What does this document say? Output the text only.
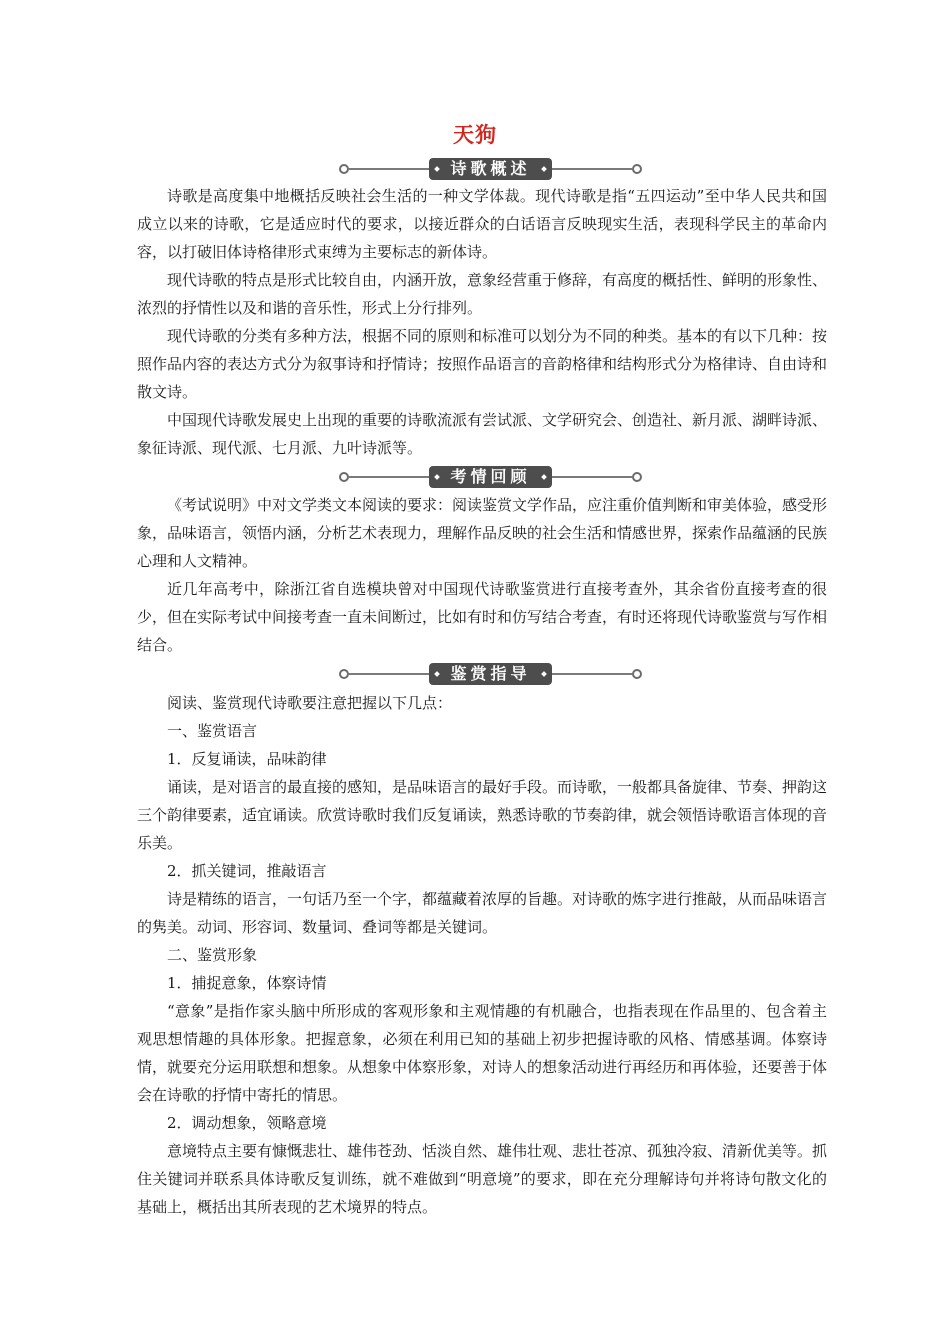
天狗
诗歌概述

诗歌是高度集中地概括反映社会生活的一种文学体裁。现代诗歌是指“五四运动”至中华人民共和国成立以来的诗歌，它是适应时代的要求，以接近群众的白话语言反映现实生活，表现科学民主的革命内容，以打破旧体诗格律形式束缚为主要标志的新体诗。

现代诗歌的特点是形式比较自由，内涵开放，意象经营重于修辞，有高度的概括性、鲜明的形象性、浓烈的抒情性以及和谐的音乐性，形式上分行排列。

现代诗歌的分类有多种方法，根据不同的原则和标准可以划分为不同的种类。基本的有以下几种：按照作品内容的表达方式分为叙事诗和抒情诗；按照作品语言的音韵格律和结构形式分为格律诗、自由诗和散文诗。

中国现代诗歌发展史上出现的重要的诗歌流派有尝试派、文学研究会、创造社、新月派、湖畔诗派、象征诗派、现代派、七月派、九叶诗派等。

考情回顾

《考试说明》中对文学类文本阅读的要求：阅读鉴赏文学作品，应注重价值判断和审美体验，感受形象，品味语言，领悟内涵，分析艺术表现力，理解作品反映的社会生活和情感世界，探索作品蕴涵的民族心理和人文精神。

近几年高考中，除浙江省自选模块曾对中国现代诗歌鉴赏进行直接考查外，其余省份直接考查的很少，但在实际考试中间接考查一直未间断过，比如有时和仿写结合考查，有时还将现代诗歌鉴赏与写作相结合。

鉴赏指导

阅读、鉴赏现代诗歌要注意把握以下几点：

一、鉴赏语言

1．反复诵读，品味韵律

诵读，是对语言的最直接的感知，是品味语言的最好手段。而诗歌，一般都具备旋律、节奏、押韵这三个韵律要素，适宜诵读。欣赏诗歌时我们反复诵读，熟悉诗歌的节奏韵律，就会领悟诗歌语言体现的音乐美。

2．抓关键词，推敲语言

诗是精练的语言，一句话乃至一个字，都蕴藏着浓厚的旨趣。对诗歌的炼字进行推敲，从而品味语言的隽美。动词、形容词、数量词、叠词等都是关键词。

二、鉴赏形象

1．捕捉意象，体察诗情

“意象”是指作家头脑中所形成的客观形象和主观情趣的有机融合，也指表现在作品里的、包含着主观思想情趣的具体形象。把握意象，必须在利用已知的基础上初步把握诗歌的风格、情感基调。体察诗情，就要充分运用联想和想象。从想象中体察形象，对诗人的想象活动进行再经历和再体验，还要善于体会在诗歌的抒情中寄托的情思。

2．调动想象，领略意境

意境特点主要有慷慨悲壮、雄伟苍劲、恬淡自然、雄伟壮观、悲壮苍凉、孤独冷寂、清新优美等。抓住关键词并联系具体诗歌反复训练，就不难做到“明意境”的要求，即在充分理解诗句并将诗句散文化的基础上，概括出其所表现的艺术境界的特点。
